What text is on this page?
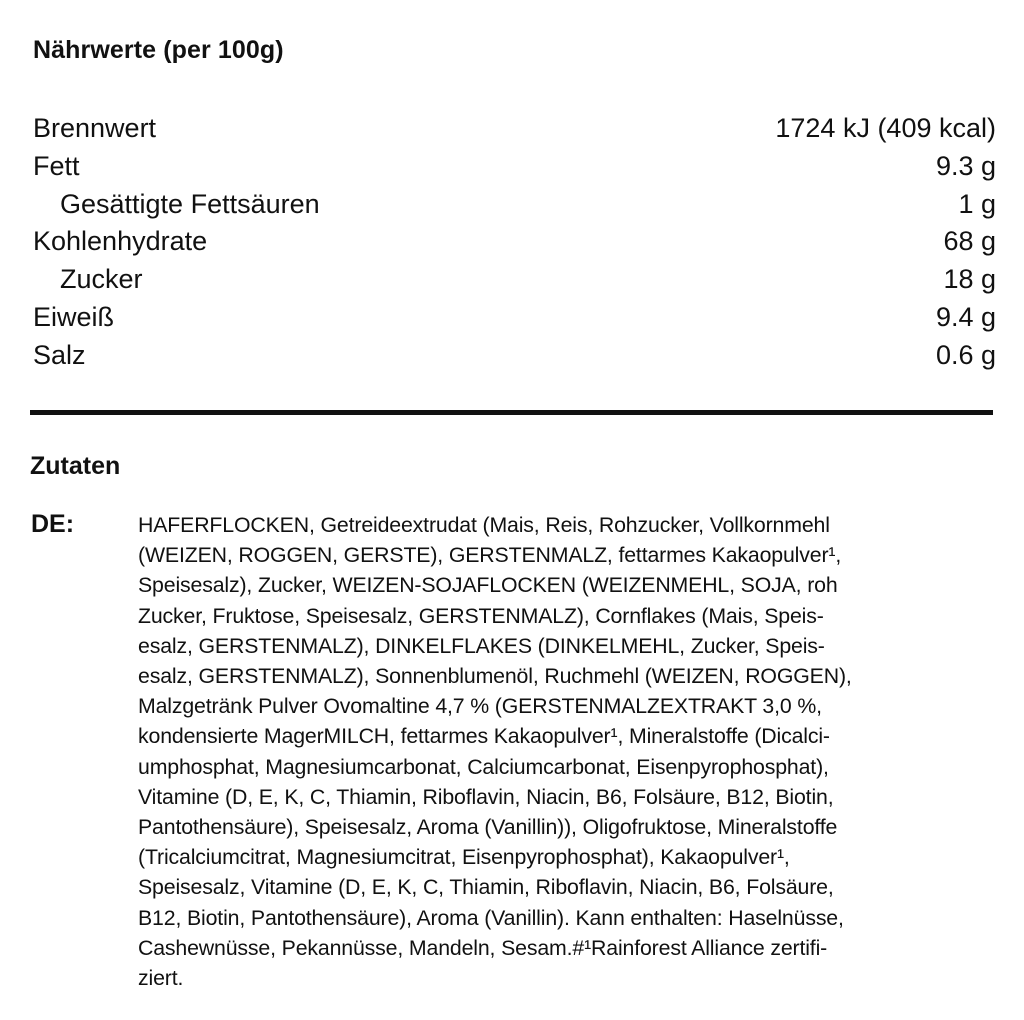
Nährwerte (per 100g)
Brennwert	1724 kJ (409 kcal)
Fett	9.3 g
Gesättigte Fettsäuren	1 g
Kohlenhydrate	68 g
Zucker	18 g
Eiweiß	9.4 g
Salz	0.6 g
Zutaten
DE:	HAFERFLOCKEN, Getreideextrudat (Mais, Reis, Rohzucker, Vollkornmehl
(WEIZEN, ROGGEN, GERSTE), GERSTENMALZ, fettarmes Kakaopulver¹,
Speisesalz), Zucker, WEIZEN-SOJAFLOCKEN (WEIZENMEHL, SOJA, roh
Zucker, Fruktose, Speisesalz, GERSTENMALZ), Cornflakes (Mais, Speis-
esalz, GERSTENMALZ), DINKELFLAKES (DINKELMEHL, Zucker, Speis-
esalz, GERSTENMALZ), Sonnenblumenöl, Ruchmehl (WEIZEN, ROGGEN),
Malzgetränk Pulver Ovomaltine 4,7 % (GERSTENMALZEXTRAKT 3,0 %,
kondensierte MagerMILCH, fettarmes Kakaopulver¹, Mineralstoffe (Dicalci-
umphosphat, Magnesiumcarbonat, Calciumcarbonat, Eisenpyrophosphat),
Vitamine (D, E, K, C, Thiamin, Riboflavin, Niacin, B6, Folsäure, B12, Biotin,
Pantothensäure), Speisesalz, Aroma (Vanillin)), Oligofruktose, Mineralstoffe
(Tricalciumcitrat, Magnesiumcitrat, Eisenpyrophosphat), Kakaopulver¹,
Speisesalz, Vitamine (D, E, K, C, Thiamin, Riboflavin, Niacin, B6, Folsäure,
B12, Biotin, Pantothensäure), Aroma (Vanillin). Kann enthalten: Haselnüsse,
Cashewnüsse, Pekannüsse, Mandeln, Sesam.#¹Rainforest Alliance zertifi-
ziert.
